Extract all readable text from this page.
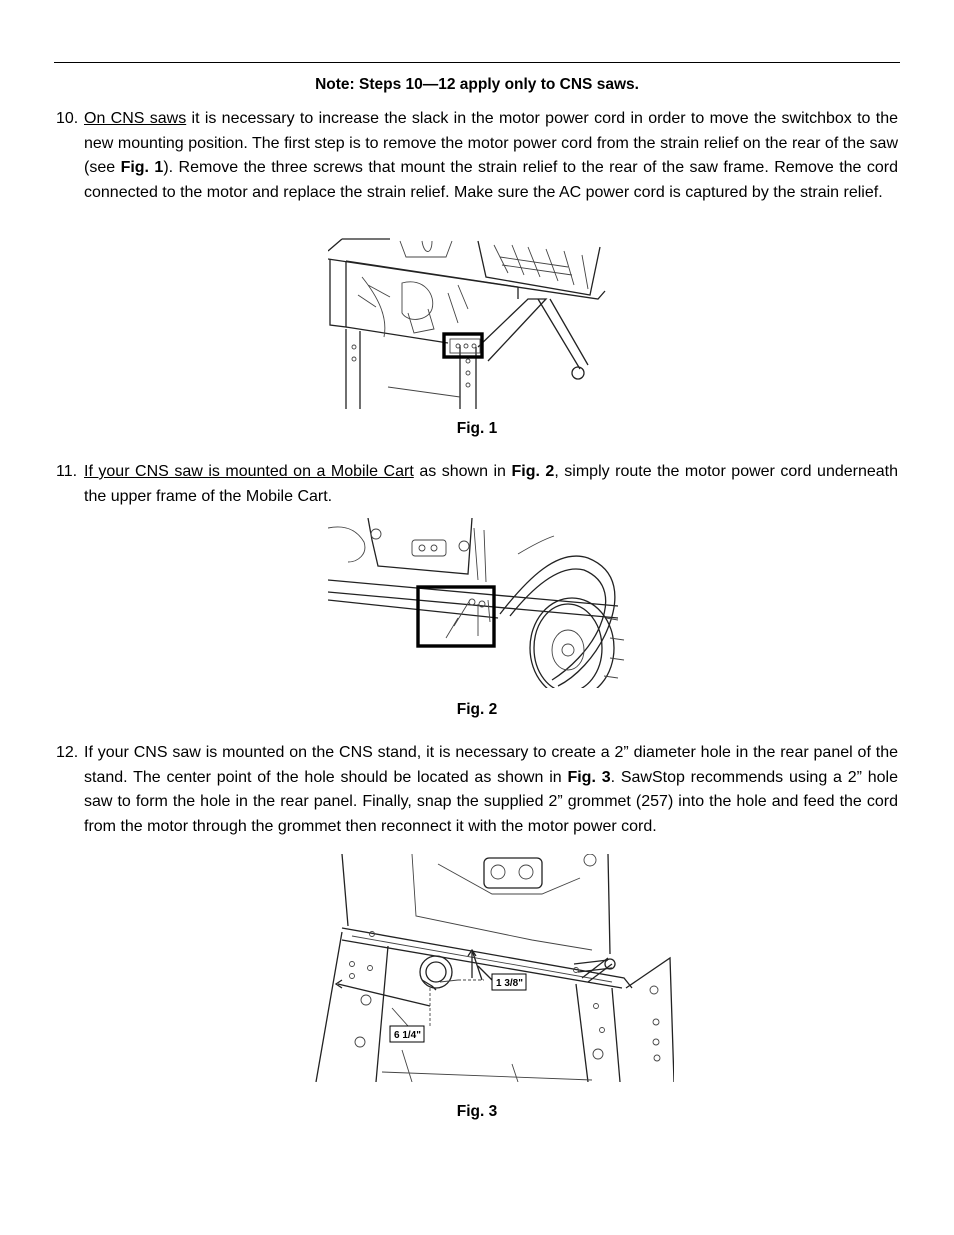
Note: Steps 10—12 apply only to CNS saws.
10. On CNS saws it is necessary to increase the slack in the motor power cord in order to move the switchbox to the new mounting position. The first step is to remove the motor power cord from the strain relief on the rear of the saw (see Fig. 1). Remove the three screws that mount the strain relief to the rear of the saw frame. Remove the cord connected to the motor and replace the strain relief. Make sure the AC power cord is captured by the strain relief.
Fig. 1
11. If your CNS saw is mounted on a Mobile Cart as shown in Fig. 2, simply route the motor power cord underneath the upper frame of the Mobile Cart.
Fig. 2
12. If your CNS saw is mounted on the CNS stand, it is necessary to create a 2” diameter hole in the rear panel of the stand. The center point of the hole should be located as shown in Fig. 3. SawStop recommends using a 2” hole saw to form the hole in the rear panel. Finally, snap the supplied 2” grommet (257) into the hole and feed the cord from the motor through the grommet then reconnect it with the motor power cord.
1 3/8"
6 1/4"
Fig. 3
